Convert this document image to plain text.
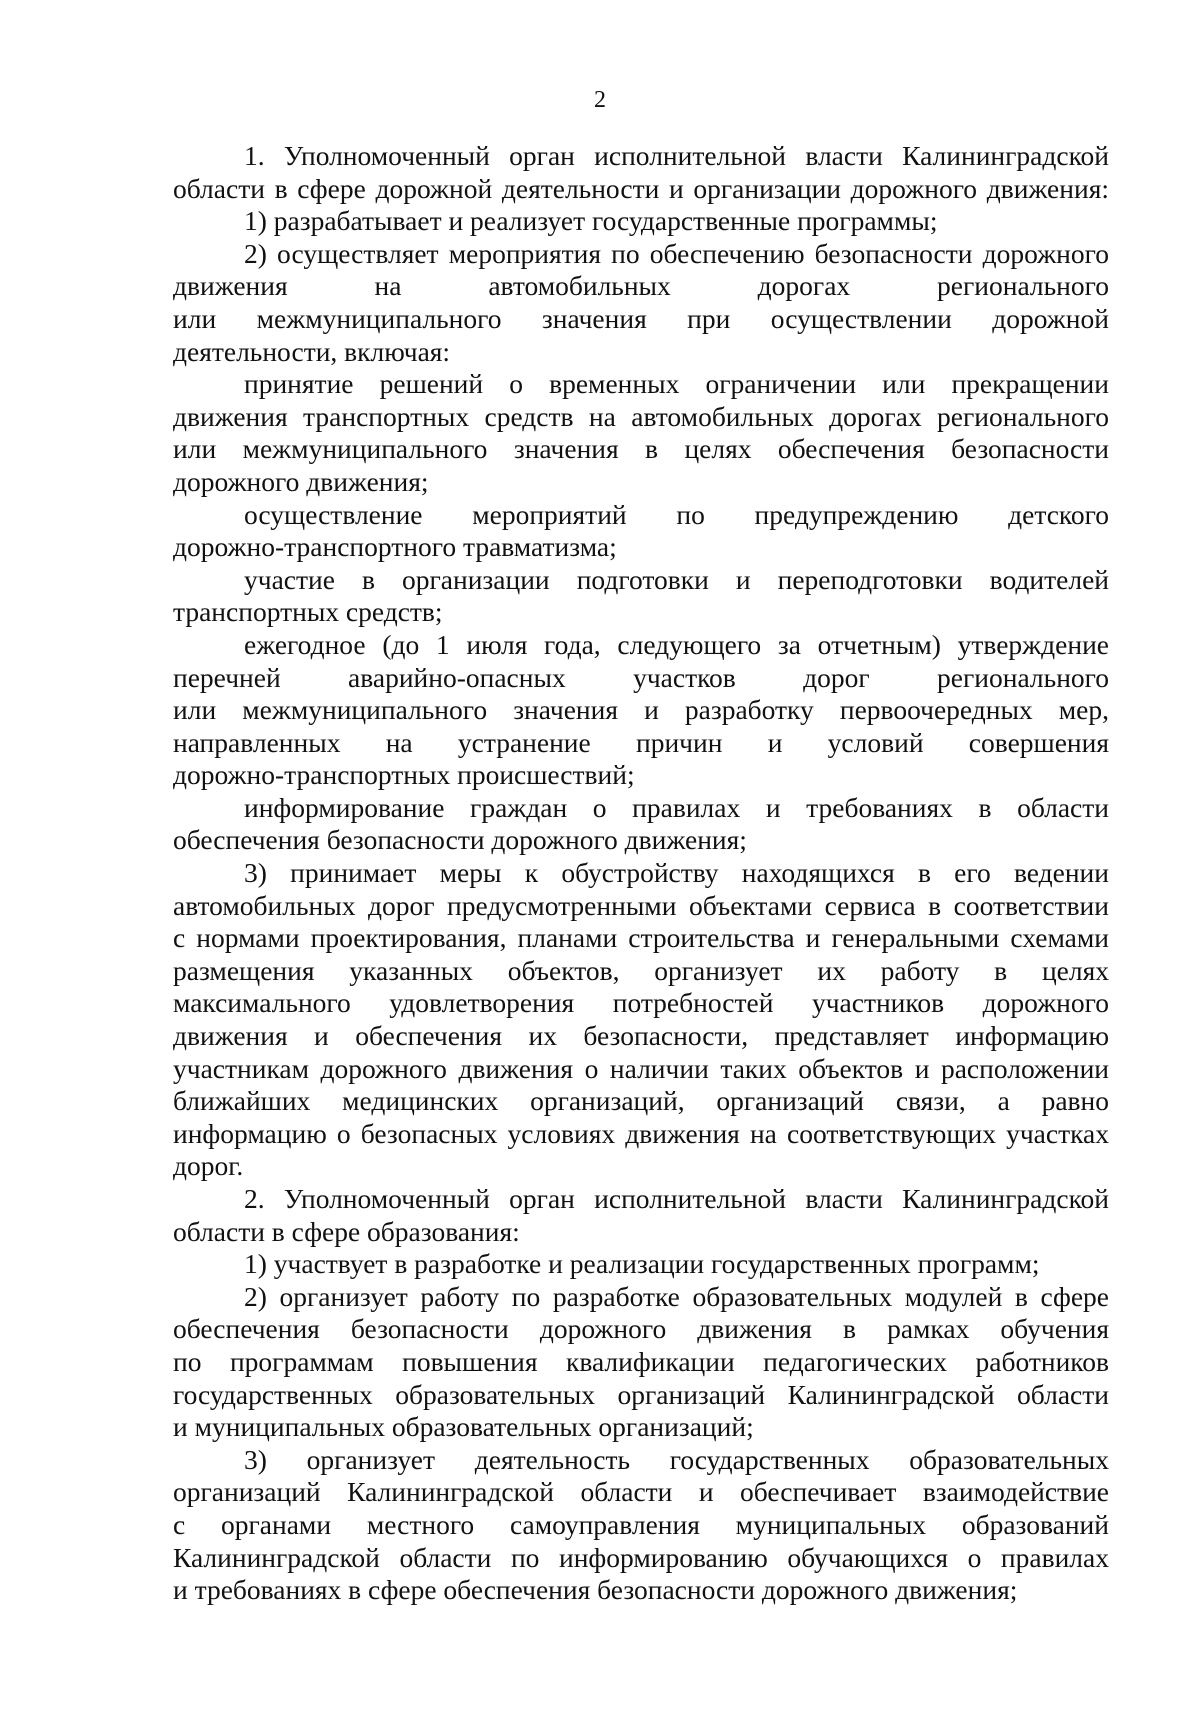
2
1. Уполномоченный орган исполнительной власти Калининградской
области в сфере дорожной деятельности и организации дорожного движения:
1) разрабатывает и реализует государственные программы;
2) осуществляет мероприятия по обеспечению безопасности дорожного
движения на автомобильных дорогах регионального
или межмуниципального значения при осуществлении дорожной
деятельности, включая:
принятие решений о временных ограничении или прекращении
движения транспортных средств на автомобильных дорогах регионального
или межмуниципального значения в целях обеспечения безопасности
дорожного движения;
осуществление мероприятий по предупреждению детского
дорожно-транспортного травматизма;
участие в организации подготовки и переподготовки водителей
транспортных средств;
ежегодное (до 1 июля года, следующего за отчетным) утверждение
перечней аварийно-опасных участков дорог регионального
или межмуниципального значения и разработку первоочередных мер,
направленных на устранение причин и условий совершения
дорожно-транспортных происшествий;
информирование граждан о правилах и требованиях в области
обеспечения безопасности дорожного движения;
3) принимает меры к обустройству находящихся в его ведении
автомобильных дорог предусмотренными объектами сервиса в соответствии
с нормами проектирования, планами строительства и генеральными схемами
размещения указанных объектов, организует их работу в целях
максимального удовлетворения потребностей участников дорожного
движения и обеспечения их безопасности, представляет информацию
участникам дорожного движения о наличии таких объектов и расположении
ближайших медицинских организаций, организаций связи, а равно
информацию о безопасных условиях движения на соответствующих участках
дорог.
2. Уполномоченный орган исполнительной власти Калининградской
области в сфере образования:
1) участвует в разработке и реализации государственных программ;
2) организует работу по разработке образовательных модулей в сфере
обеспечения безопасности дорожного движения в рамках обучения
по программам повышения квалификации педагогических работников
государственных образовательных организаций Калининградской области
и муниципальных образовательных организаций;
3) организует деятельность государственных образовательных
организаций Калининградской области и обеспечивает взаимодействие
с органами местного самоуправления муниципальных образований
Калининградской области по информированию обучающихся о правилах
и требованиях в сфере обеспечения безопасности дорожного движения;
